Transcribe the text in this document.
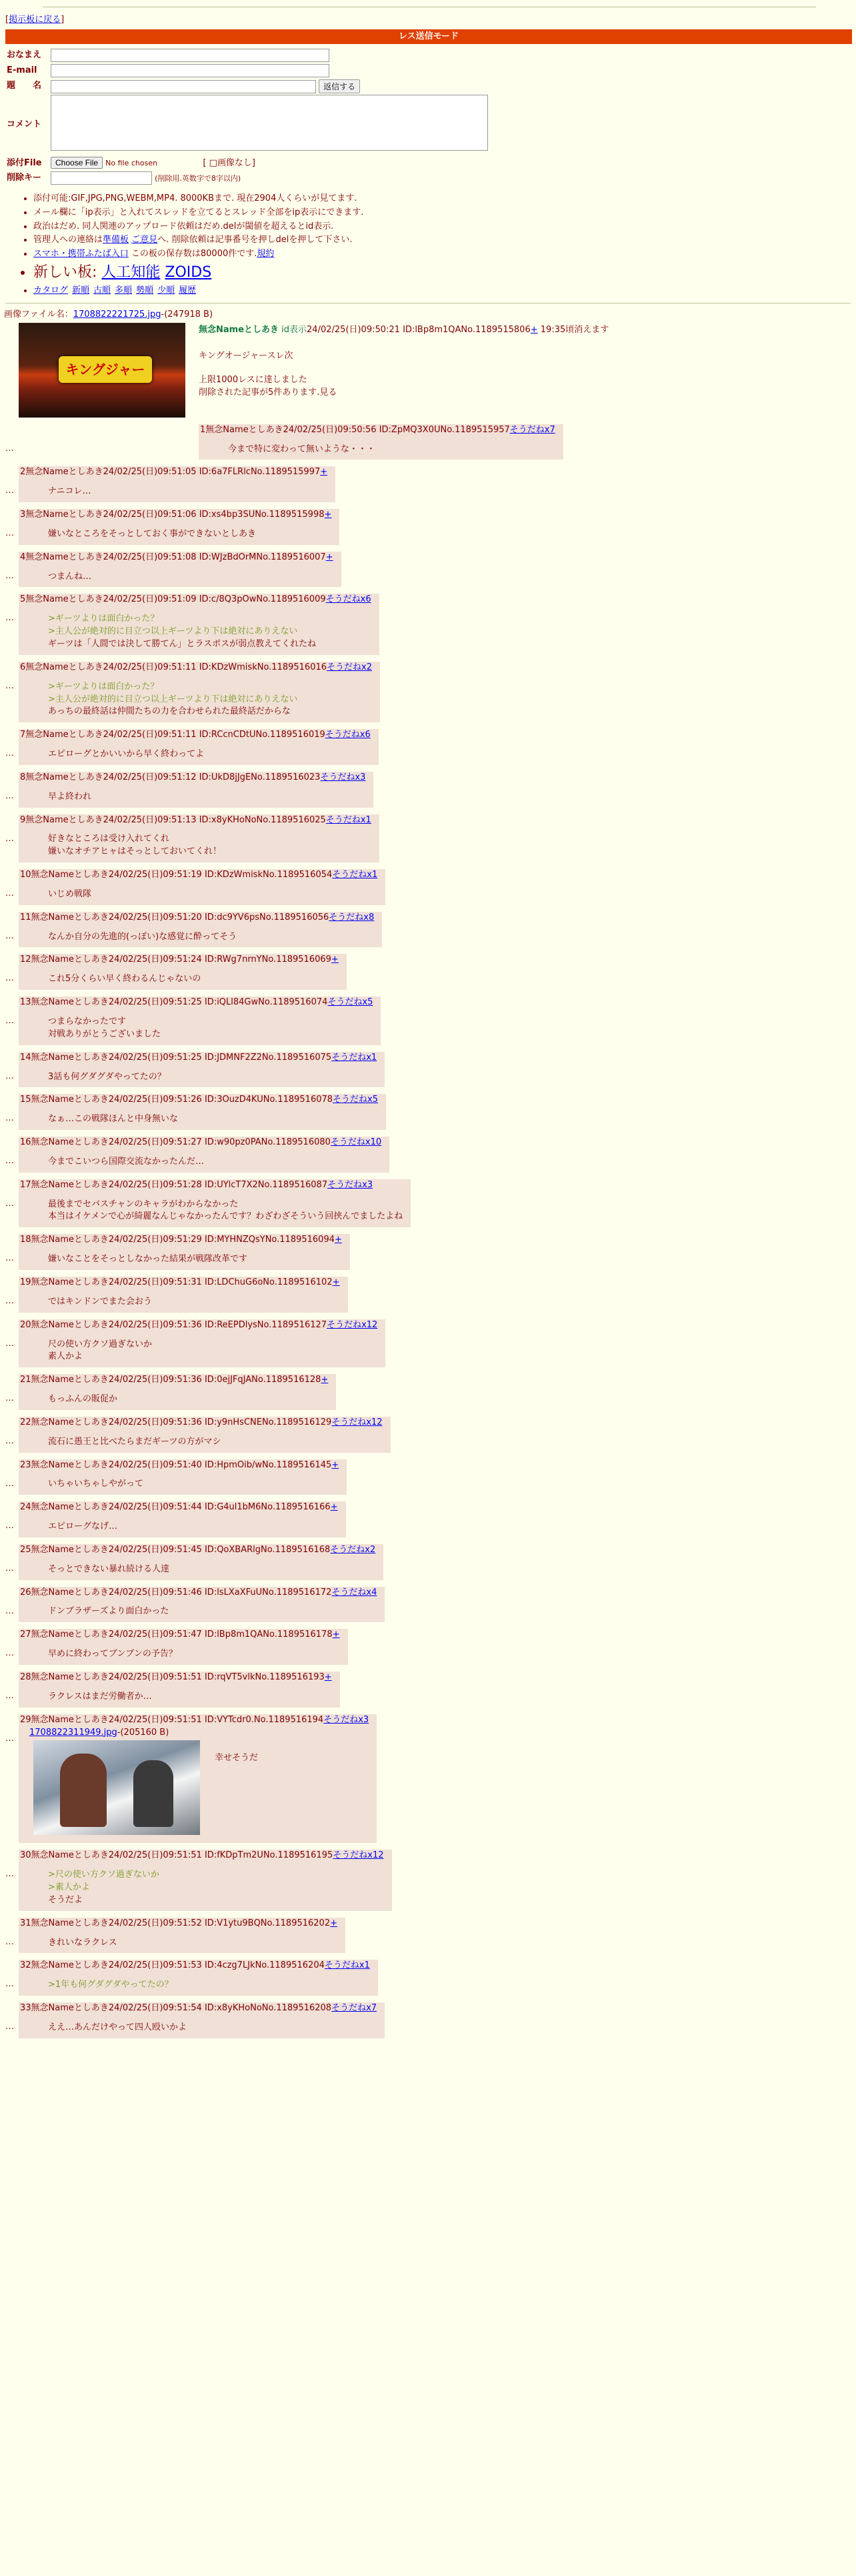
[掲示板に戻る]
レス送信モード
おなまえ	
E-mail	
題　　名	返信する
コメント	
添付File	Choose File No file chosen [ □画像なし]
削除キー	(削除用.英数字で8字以内)
• 添付可能:GIF,JPG,PNG,WEBM,MP4. 8000KBまで. 現在2904人くらいが見てます.
• メール欄に「ip表示」と入れてスレッドを立てるとスレッド全部をip表示にできます.
• 政治はだめ. 同人関連のアップロード依頼はだめ.delが閾値を超えるとid表示.
• 管理人への連絡は準備板 ご意見へ. 削除依頼は記事番号を押しdelを押して下さい.
• スマホ・携帯ふたば入口 この板の保存数は80000件です.規約
• 新しい板: 人工知能 ZOIDS
• カタログ 新順 古順 多順 勢順 少順 履歴
画像ファイル名：1708822221725.jpg-(247918 B)
キングジャー
無念Nameとしあき id表示24/02/25(日)09:50:21 ID:lBp8m1QANo.1189515806+ 19:35頃消えます

キングオージャースレ次

上限1000レスに達しました

削除された記事が5件あります.見る

…
1無念Nameとしあき24/02/25(日)09:50:56 ID:ZpMQ3X0UNo.1189515957そうだねx7
今まで特に変わって無いような・・・
…
2無念Nameとしあき24/02/25(日)09:51:05 ID:6a7FLRlcNo.1189515997+
ナニコレ…
…
3無念Nameとしあき24/02/25(日)09:51:06 ID:xs4bp3SUNo.1189515998+
嫌いなところをそっとしておく事ができないとしあき
…
4無念Nameとしあき24/02/25(日)09:51:08 ID:WJzBdOrMNo.1189516007+
つまんね…
…
5無念Nameとしあき24/02/25(日)09:51:09 ID:c/8Q3pOwNo.1189516009そうだねx6
>ギーツよりは面白かった？
>主人公が絶対的に目立つ以上ギーツより下は絶対にありえない
ギーツは「人間では決して勝てん」とラスボスが弱点教えてくれたね
…
6無念Nameとしあき24/02/25(日)09:51:11 ID:KDzWmiskNo.1189516016そうだねx2
>ギーツよりは面白かった？
>主人公が絶対的に目立つ以上ギーツより下は絶対にありえない
あっちの最終話は仲間たちの力を合わせられた最終話だからな
…
7無念Nameとしあき24/02/25(日)09:51:11 ID:RCcnCDtUNo.1189516019そうだねx6
エピローグとかいいから早く終わってよ
…
8無念Nameとしあき24/02/25(日)09:51:12 ID:UkD8jJgENo.1189516023そうだねx3
早よ終われ
…
9無念Nameとしあき24/02/25(日)09:51:13 ID:x8yKHoNoNo.1189516025そうだねx1
好きなところは受け入れてくれ
嫌いなオチアヒャはそっとしておいてくれ！
…
10無念Nameとしあき24/02/25(日)09:51:19 ID:KDzWmiskNo.1189516054そうだねx1
いじめ戦隊
…
11無念Nameとしあき24/02/25(日)09:51:20 ID:dc9YV6psNo.1189516056そうだねx8
なんか自分の先進的(っぽい)な感覚に酔ってそう
…
12無念Nameとしあき24/02/25(日)09:51:24 ID:RWg7nrnYNo.1189516069+
これ5分くらい早く終わるんじゃないの
…
13無念Nameとしあき24/02/25(日)09:51:25 ID:iQLl84GwNo.1189516074そうだねx5
つまらなかったです
対戦ありがとうございました
…
14無念Nameとしあき24/02/25(日)09:51:25 ID:JDMNF2Z2No.1189516075そうだねx1
3話も何グダグダやってたの？
…
15無念Nameとしあき24/02/25(日)09:51:26 ID:3OuzD4KUNo.1189516078そうだねx5
なぁ…この戦隊ほんと中身無いな
…
16無念Nameとしあき24/02/25(日)09:51:27 ID:w90pz0PANo.1189516080そうだねx10
今までこいつら国際交流なかったんだ…
…
17無念Nameとしあき24/02/25(日)09:51:28 ID:UYlcT7X2No.1189516087そうだねx3
最後までセバスチャンのキャラがわからなかった
本当はイケメンで心が綺麗なんじゃなかったんです？わざわざそういう回挟んでましたよね
…
18無念Nameとしあき24/02/25(日)09:51:29 ID:MYHNZQsYNo.1189516094+
嫌いなことをそっとしなかった結果が戦隊改革です
…
19無念Nameとしあき24/02/25(日)09:51:31 ID:LDChuG6oNo.1189516102+
ではキンドンでまた会おう
…
20無念Nameとしあき24/02/25(日)09:51:36 ID:ReEPDlysNo.1189516127そうだねx12
尺の使い方クソ過ぎないか
素人かよ
…
21無念Nameとしあき24/02/25(日)09:51:36 ID:0ejJFqJANo.1189516128+
もっふんの販促か
…
22無念Nameとしあき24/02/25(日)09:51:36 ID:y9nHsCNENo.1189516129そうだねx12
流石に愚王と比べたらまだギーツの方がマシ
…
23無念Nameとしあき24/02/25(日)09:51:40 ID:HpmOib/wNo.1189516145+
いちゃいちゃしやがって
…
24無念Nameとしあき24/02/25(日)09:51:44 ID:G4ul1bM6No.1189516166+
エピローグなげ…
…
25無念Nameとしあき24/02/25(日)09:51:45 ID:QoXBARlgNo.1189516168そうだねx2
そっとできない暴れ続ける人達
…
26無念Nameとしあき24/02/25(日)09:51:46 ID:lsLXaXFuUNo.1189516172そうだねx4
ドンブラザーズより面白かった
…
27無念Nameとしあき24/02/25(日)09:51:47 ID:lBp8m1QANo.1189516178+
早めに終わってブンブンの予告？
…
28無念Nameとしあき24/02/25(日)09:51:51 ID:rqVT5vlkNo.1189516193+
ラクレスはまだ労働者か…
…
29無念Nameとしあき24/02/25(日)09:51:51 ID:VYTcdr0.No.1189516194そうだねx3
1708822311949.jpg-(205160 B)
幸せそうだ
…
30無念Nameとしあき24/02/25(日)09:51:51 ID:fKDpTm2UNo.1189516195そうだねx12
>尺の使い方クソ過ぎないか
>素人かよ
そうだよ
…
31無念Nameとしあき24/02/25(日)09:51:52 ID:V1ytu9BQNo.1189516202+
きれいなラクレス
…
32無念Nameとしあき24/02/25(日)09:51:53 ID:4czg7LJkNo.1189516204そうだねx1
>1年も何グダグダやってたの？
…
33無念Nameとしあき24/02/25(日)09:51:54 ID:x8yKHoNoNo.1189516208そうだねx7
ええ…あんだけやって四人殴いかよ
